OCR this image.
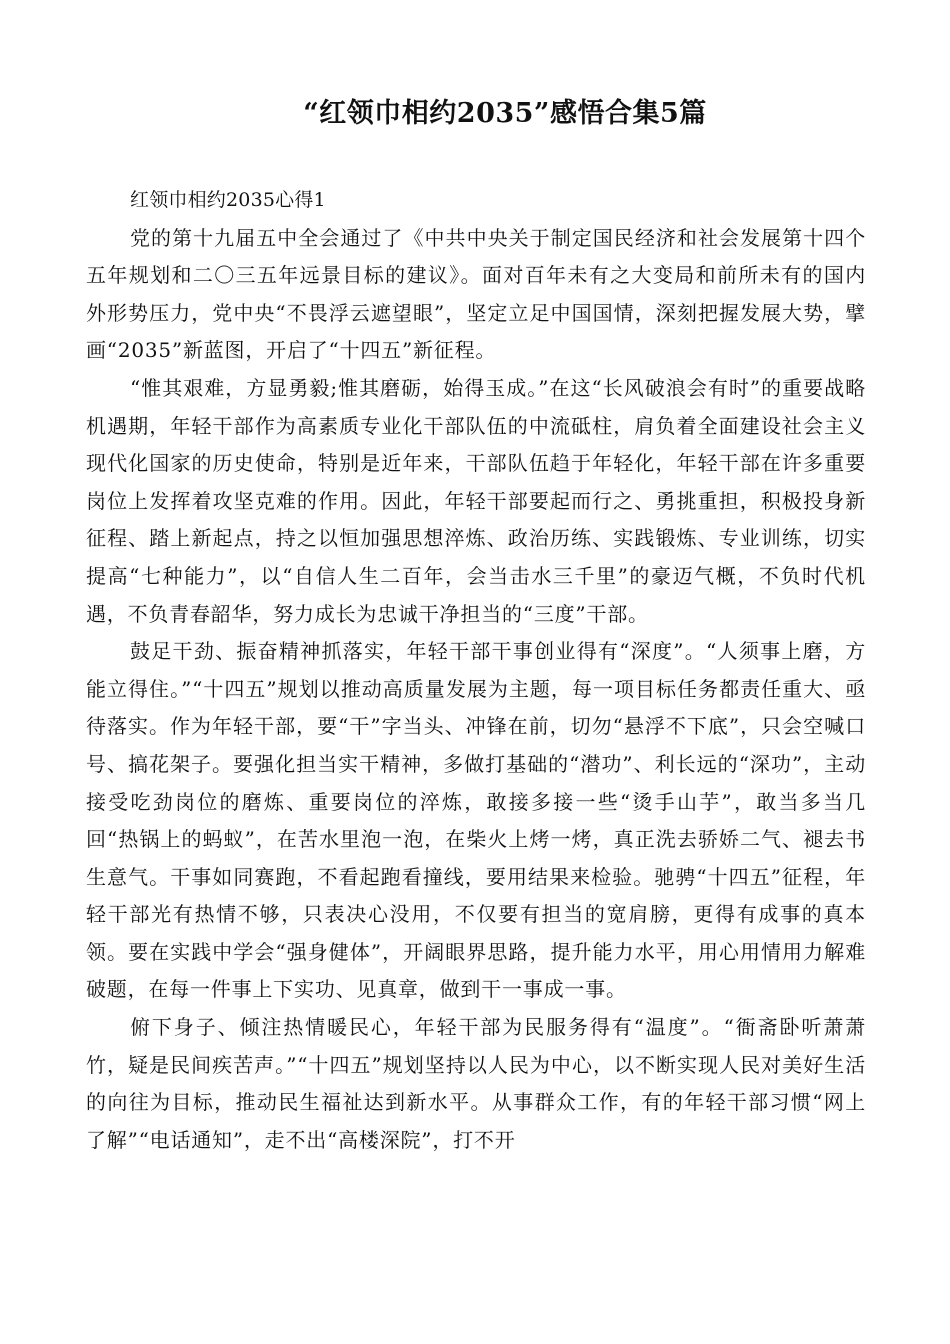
“红领巾相约2035”感悟合集5篇

红领巾相约2035心得1

党的第十九届五中全会通过了《中共中央关于制定国民经济和社会发展第十四个五年规划和二〇三五年远景目标的建议》。面对百年未有之大变局和前所未有的国内外形势压力，党中央“不畏浮云遮望眼”，坚定立足中国国情，深刻把握发展大势，擘画“2035”新蓝图，开启了“十四五”新征程。

“惟其艰难，方显勇毅;惟其磨砺，始得玉成。”在这“长风破浪会有时”的重要战略机遇期，年轻干部作为高素质专业化干部队伍的中流砥柱，肩负着全面建设社会主义现代化国家的历史使命，特别是近年来，干部队伍趋于年轻化，年轻干部在许多重要岗位上发挥着攻坚克难的作用。因此，年轻干部要起而行之、勇挑重担，积极投身新征程、踏上新起点，持之以恒加强思想淬炼、政治历练、实践锻炼、专业训练，切实提高“七种能力”，以“自信人生二百年，会当击水三千里”的豪迈气概，不负时代机遇，不负青春韶华，努力成长为忠诚干净担当的“三度”干部。

鼓足干劲、振奋精神抓落实，年轻干部干事创业得有“深度”。“人须事上磨，方能立得住。”“十四五”规划以推动高质量发展为主题，每一项目标任务都责任重大、亟待落实。作为年轻干部，要“干”字当头、冲锋在前，切勿“悬浮不下底”，只会空喊口号、搞花架子。要强化担当实干精神，多做打基础的“潜功”、利长远的“深功”，主动接受吃劲岗位的磨炼、重要岗位的淬炼，敢接多接一些“烫手山芋”，敢当多当几回“热锅上的蚂蚁”，在苦水里泡一泡，在柴火上烤一烤，真正洗去骄娇二气、褪去书生意气。干事如同赛跑，不看起跑看撞线，要用结果来检验。驰骋“十四五”征程，年轻干部光有热情不够，只表决心没用，不仅要有担当的宽肩膀，更得有成事的真本领。要在实践中学会“强身健体”，开阔眼界思路，提升能力水平，用心用情用力解难破题，在每一件事上下实功、见真章，做到干一事成一事。

俯下身子、倾注热情暖民心，年轻干部为民服务得有“温度”。“衙斋卧听萧萧竹，疑是民间疾苦声。”“十四五”规划坚持以人民为中心，以不断实现人民对美好生活的向往为目标，推动民生福祉达到新水平。从事群众工作，有的年轻干部习惯“网上了解”“电话通知”，走不出“高楼深院”，打不开
